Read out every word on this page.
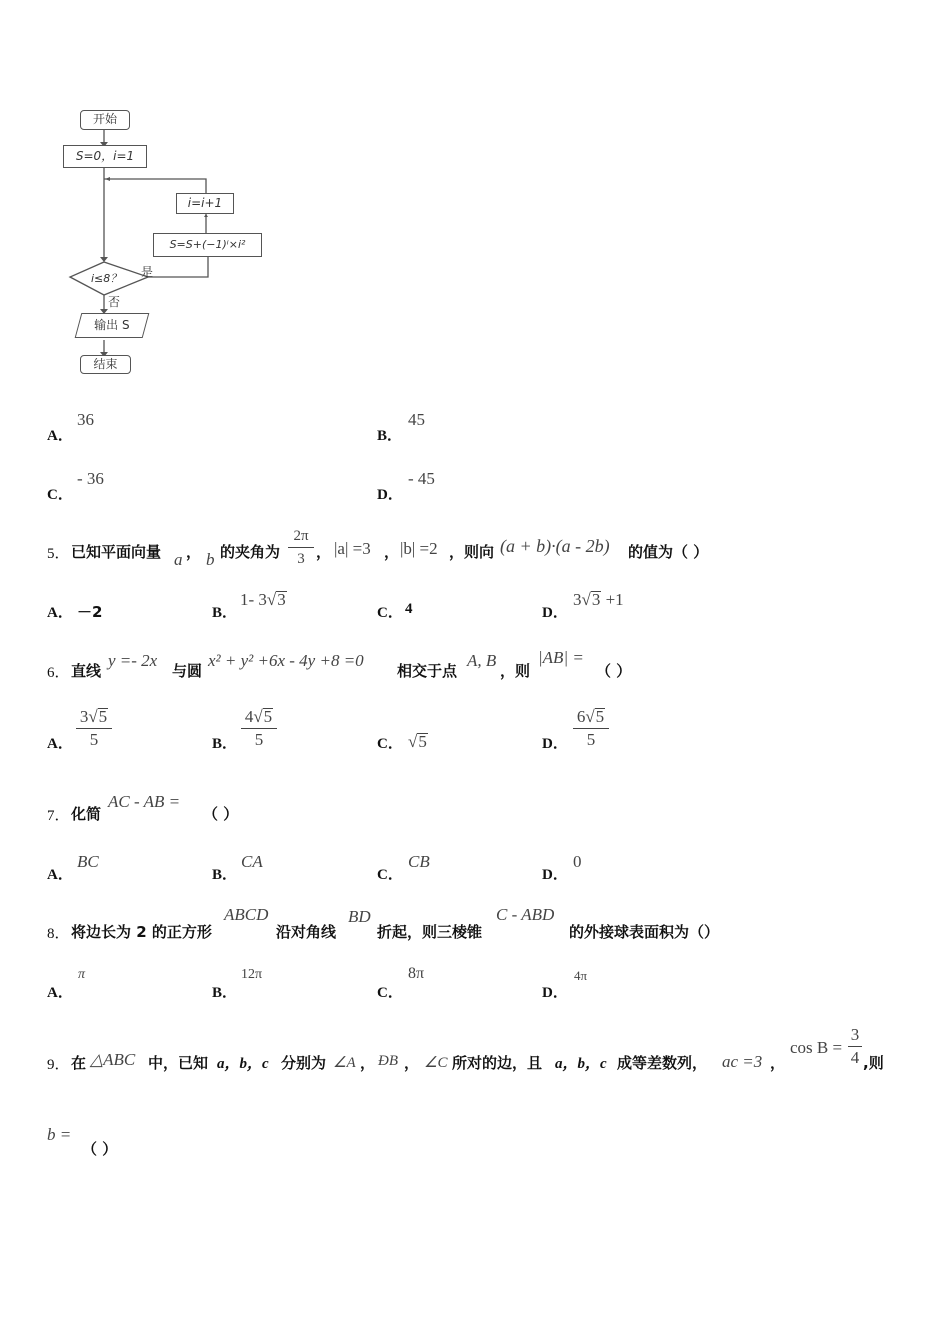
开始
S=0，i=1
i=i+1
S=S+(−1)ⁱ×i²
i≤8？ 是
否
输出 S
结束
A．
36
B．
45
C．
- 36
D．
- 45
5． 已知平面向量 a ， b 的夹角为
2π
3 ， |a| =3 ， |b| =2 ，则向 (a + b)·(a - 2b) 的值为（ ）
A． －2	B．
1- 3√3
C． 4	D．
3√3 +1
6． 直线
y =- 2x
与圆
x² + y² +6x - 4y +8 =0
相交于点
A, B
，则
|AB| =
（ ）
A．
3√5
5	B．
4√5
5	C． √5	D．
6√5
5
7． 化简
AC - AB =
（ ）
A．
BC
B．
CA
C．
CB
D．
0
8． 将边长为 2 的正方形
ABCD
沿对角线
BD
折起，则三棱锥
C - ABD
的外接球表面积为（）
A．
π
B．
12π
C．
8π
D．
4π
9． 在 △ABC 中，已知 a，b，c 分别为 ∠A ， ÐB ， ∠C 所对的边，且 a，b，c 成等差数列， ac =3 ，
cos B =
3
4 ,则
b =
（ ）
